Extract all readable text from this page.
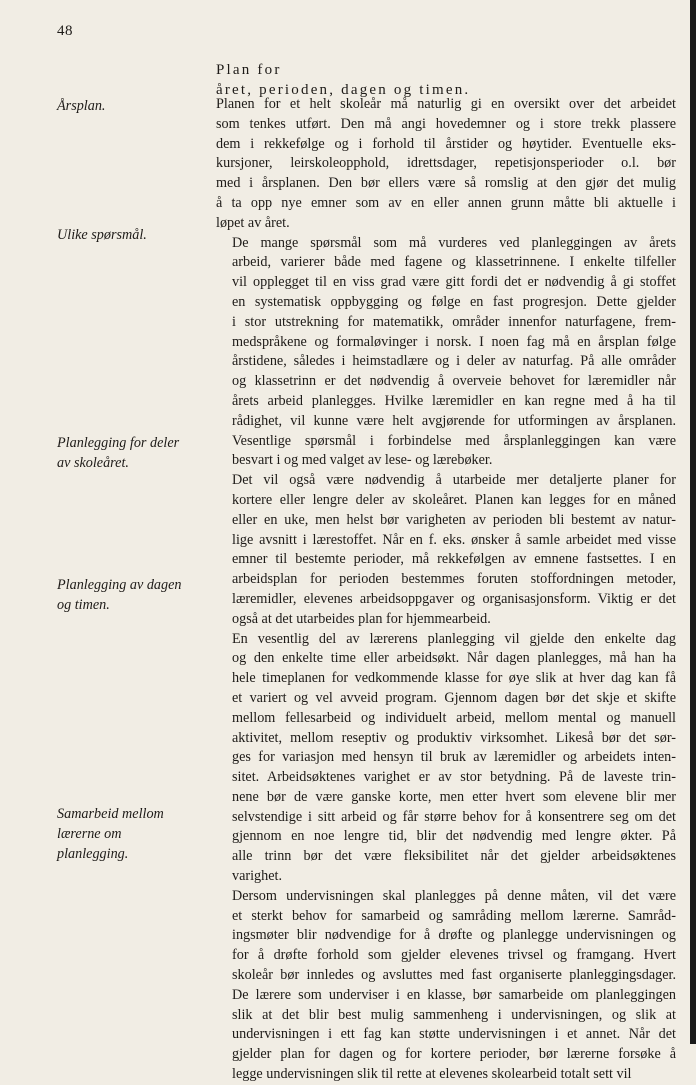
48
Plan for
året, perioden, dagen og timen.
Årsplan.
Ulike spørsmål.
Planlegging for deler av skoleåret.
Planlegging av dagen og timen.
Samarbeid mellom lærerne om planlegging.
Planen for et helt skoleår må naturlig gi en oversikt over det arbeidet
som tenkes utført. Den må angi hovedemner og i store trekk plassere
dem i rekkefølge og i forhold til årstider og høytider. Eventuelle eks-
kursjoner, leirskoleopphold, idrettsdager, repetisjonsperioder o.l. bør
med i årsplanen. Den bør ellers være så romslig at den gjør det mulig
å ta opp nye emner som av en eller annen grunn måtte bli aktuelle i
løpet av året.
De mange spørsmål som må vurderes ved planleggingen av årets
arbeid, varierer både med fagene og klassetrinnene. I enkelte tilfeller
vil opplegget til en viss grad være gitt fordi det er nødvendig å gi stoffet
en systematisk oppbygging og følge en fast progresjon. Dette gjelder
i stor utstrekning for matematikk, områder innenfor naturfagene, frem-
medspråkene og formaløvinger i norsk. I noen fag må en årsplan følge
årstidene, således i heimstadlære og i deler av naturfag. På alle områder
og klassetrinn er det nødvendig å overveie behovet for læremidler når
årets arbeid planlegges. Hvilke læremidler en kan regne med å ha til
rådighet, vil kunne være helt avgjørende for utformingen av årsplanen.
Vesentlige spørsmål i forbindelse med årsplanleggingen kan være
besvart i og med valget av lese- og lærebøker.
Det vil også være nødvendig å utarbeide mer detaljerte planer for
kortere eller lengre deler av skoleåret. Planen kan legges for en måned
eller en uke, men helst bør varigheten av perioden bli bestemt av natur-
lige avsnitt i lærestoffet. Når en f. eks. ønsker å samle arbeidet med visse
emner til bestemte perioder, må rekkefølgen av emnene fastsettes. I en
arbeidsplan for perioden bestemmes foruten stoffordningen metoder,
læremidler, elevenes arbeidsoppgaver og organisasjonsform. Viktig er det
også at det utarbeides plan for hjemmearbeid.
En vesentlig del av lærerens planlegging vil gjelde den enkelte dag
og den enkelte time eller arbeidsøkt. Når dagen planlegges, må han ha
hele timeplanen for vedkommende klasse for øye slik at hver dag kan få
et variert og vel avveid program. Gjennom dagen bør det skje et skifte
mellom fellesarbeid og individuelt arbeid, mellom mental og manuell
aktivitet, mellom reseptiv og produktiv virksomhet. Likeså bør det sør-
ges for variasjon med hensyn til bruk av læremidler og arbeidets inten-
sitet. Arbeidsøktenes varighet er av stor betydning. På de laveste trin-
nene bør de være ganske korte, men etter hvert som elevene blir mer
selvstendige i sitt arbeid og får større behov for å konsentrere seg om det
gjennom en noe lengre tid, blir det nødvendig med lengre økter. På
alle trinn bør det være fleksibilitet når det gjelder arbeidsøktenes
varighet.
Dersom undervisningen skal planlegges på denne måten, vil det være
et sterkt behov for samarbeid og samråding mellom lærerne. Samråd-
ingsmøter blir nødvendige for å drøfte og planlegge undervisningen og
for å drøfte forhold som gjelder elevenes trivsel og framgang. Hvert
skoleår bør innledes og avsluttes med fast organiserte planleggingsdager.
De lærere som underviser i en klasse, bør samarbeide om planleggingen
slik at det blir best mulig sammenheng i undervisningen, og slik at
undervisningen i ett fag kan støtte undervisningen i et annet. Når det
gjelder plan for dagen og for kortere perioder, bør lærerne forsøke å
legge undervisningen slik til rette at elevenes skolearbeid totalt sett vil
